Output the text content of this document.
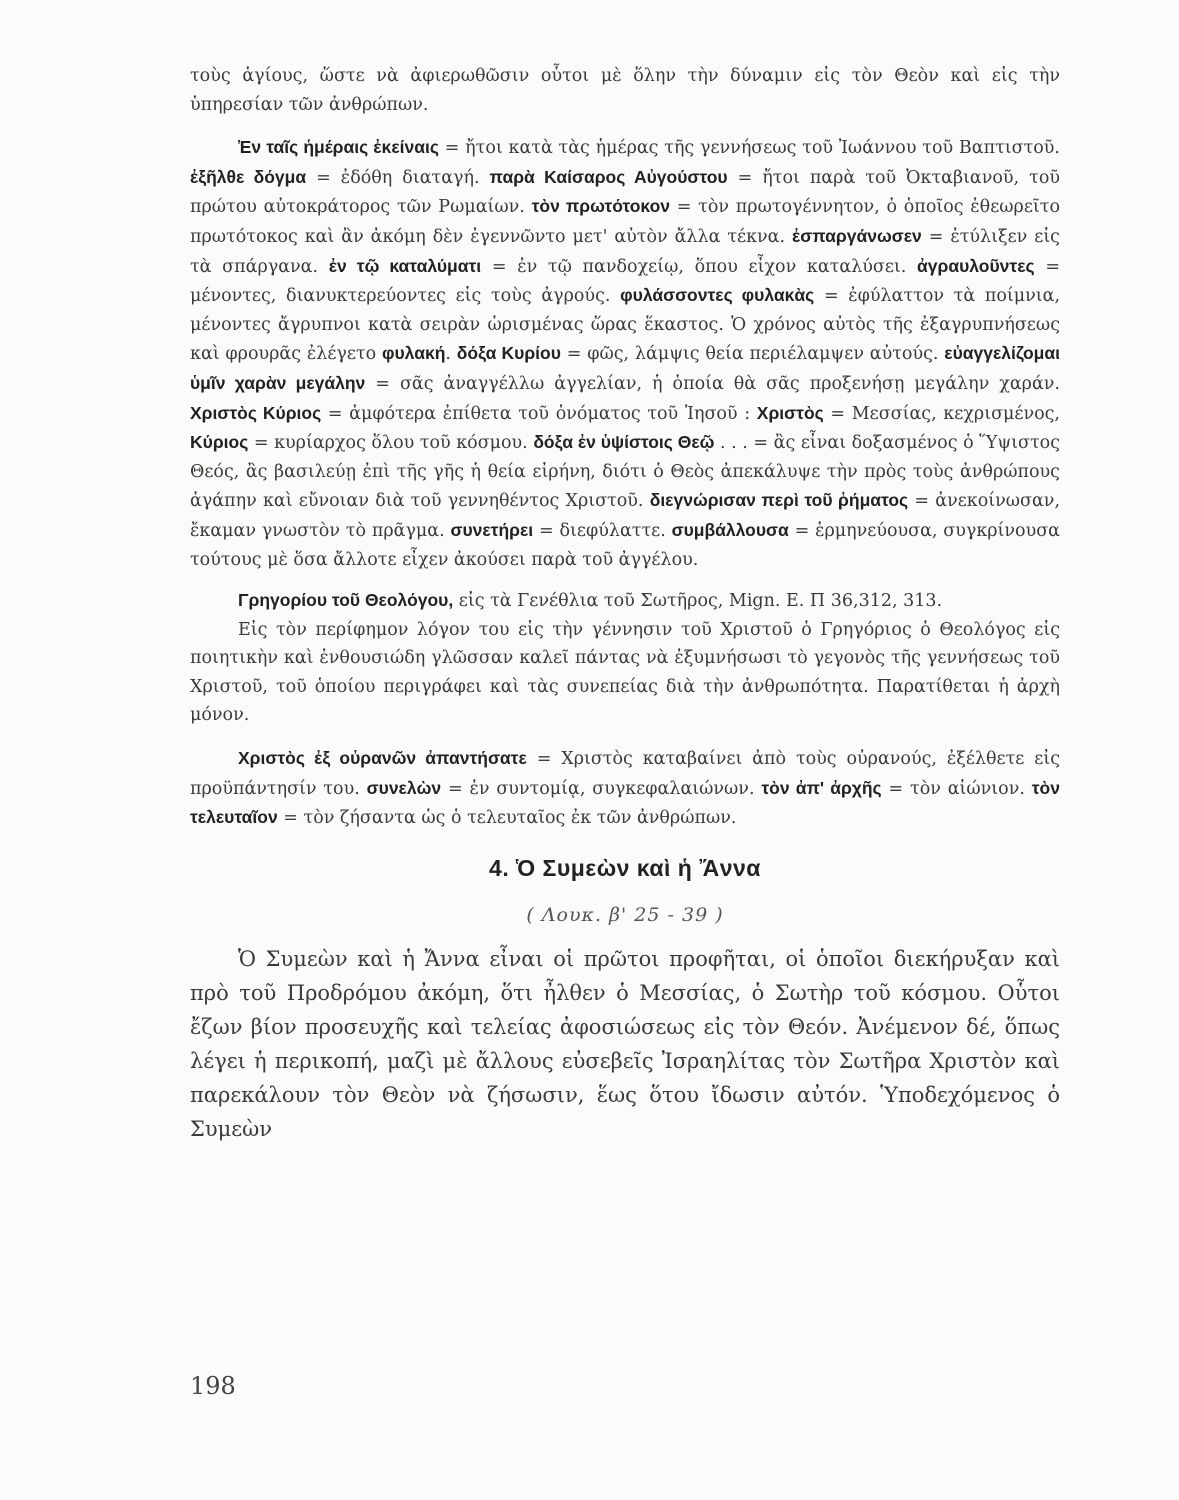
τοὺς ἁγίους, ὥστε νὰ ἀφιερωθῶσιν οὗτοι μὲ ὅλην τὴν δύναμιν εἰς τὸν Θεὸν καὶ εἰς τὴν ὑπηρεσίαν τῶν ἀνθρώπων.

Ἐν ταῖς ἡμέραις ἐκείναις = ἤτοι κατὰ τὰς ἡμέρας τῆς γεννήσεως τοῦ Ἰωάννου τοῦ Βαπτιστοῦ. ἐξῆλθε δόγμα = ἐδόθη διαταγή. παρὰ Καίσαρος Αὐγούστου = ἤτοι παρὰ τοῦ Ὀκταβιανοῦ, τοῦ πρώτου αὐτοκράτορος τῶν Ρωμαίων. τὸν πρωτότοκον = τὸν πρωτογέννητον, ὁ ὁποῖος ἐθεωρεῖτο πρωτότοκος καὶ ἂν ἀκόμη δὲν ἐγεννῶντο μετ' αὐτὸν ἄλλα τέκνα. ἐσπαργάνωσεν = ἐτύλιξεν εἰς τὰ σπάργανα. ἐν τῷ καταλύματι = ἐν τῷ πανδοχείῳ, ὅπου εἶχον καταλύσει. ἀγραυλοῦντες = μένοντες, διανυκτερεύοντες εἰς τοὺς ἀγρούς. φυλάσσοντες φυλακὰς = ἐφύλαττον τὰ ποίμνια, μένοντες ἄγρυπνοι κατὰ σειρὰν ὡρισμένας ὥρας ἕκαστος. Ὁ χρόνος αὐτὸς τῆς ἐξαγρυπνήσεως καὶ φρουρᾶς ἐλέγετο φυλακή. δόξα Κυρίου = φῶς, λάμψις θεία περιέλαμψεν αὐτούς. εὐαγγελίζομαι ὑμῖν χαρὰν μεγάλην = σᾶς ἀναγγέλλω ἀγγελίαν, ἡ ὁποία θὰ σᾶς προξενήσῃ μεγάλην χαράν. Χριστὸς Κύριος = ἀμφότερα ἐπίθετα τοῦ ὀνόματος τοῦ Ἰησοῦ : Χριστὸς = Μεσσίας, κεχρισμένος, Κύριος = κυρίαρχος ὅλου τοῦ κόσμου. δόξα ἐν ὑψίστοις Θεῷ . . . = ἂς εἶναι δοξασμένος ὁ Ὕψιστος Θεός, ἂς βασιλεύῃ ἐπὶ τῆς γῆς ἡ θεία εἰρήνη, διότι ὁ Θεὸς ἀπεκάλυψε τὴν πρὸς τοὺς ἀνθρώπους ἀγάπην καὶ εὔνοιαν διὰ τοῦ γεννηθέντος Χριστοῦ. διεγνώρισαν περὶ τοῦ ῥήματος = ἀνεκοίνωσαν, ἔκαμαν γνωστὸν τὸ πρᾶγμα. συνετήρει = διεφύλαττε. συμβάλλουσα = ἑρμηνεύουσα, συγκρίνουσα τούτους μὲ ὅσα ἄλλοτε εἶχεν ἀκούσει παρὰ τοῦ ἀγγέλου.

Γρηγορίου τοῦ Θεολόγου, εἰς τὰ Γενέθλια τοῦ Σωτῆρος, Mign. E. Π 36,312, 313.

Εἰς τὸν περίφημον λόγον του εἰς τὴν γέννησιν τοῦ Χριστοῦ ὁ Γρηγόριος ὁ Θεολόγος εἰς ποιητικὴν καὶ ἐνθουσιώδη γλῶσσαν καλεῖ πάντας νὰ ἐξυμνήσωσι τὸ γεγονὸς τῆς γεννήσεως τοῦ Χριστοῦ, τοῦ ὁποίου περιγράφει καὶ τὰς συνεπείας διὰ τὴν ἀνθρωπότητα. Παρατίθεται ἡ ἀρχὴ μόνον.

Χριστὸς ἐξ οὐρανῶν ἀπαντήσατε = Χριστὸς καταβαίνει ἀπὸ τοὺς οὐρανούς, ἐξέλθετε εἰς προϋπάντησίν του. συνελὼν = ἐν συντομίᾳ, συγκεφαλαιώνων. τὸν ἀπ' ἀρχῆς = τὸν αἰώνιον. τὸν τελευταῖον = τὸν ζήσαντα ὡς ὁ τελευταῖος ἐκ τῶν ἀνθρώπων.

4. Ὁ Συμεὼν καὶ ἡ Ἄννα
( Λουκ. β' 25 - 39 )

Ὁ Συμεὼν καὶ ἡ Ἄννα εἶναι οἱ πρῶτοι προφῆται, οἱ ὁποῖοι διεκήρυξαν καὶ πρὸ τοῦ Προδρόμου ἀκόμη, ὅτι ἦλθεν ὁ Μεσσίας, ὁ Σωτὴρ τοῦ κόσμου. Οὗτοι ἔζων βίον προσευχῆς καὶ τελείας ἀφοσιώσεως εἰς τὸν Θεόν. Ἀνέμενον δέ, ὅπως λέγει ἡ περικοπή, μαζὶ μὲ ἄλλους εὐσεβεῖς Ἰσραηλίτας τὸν Σωτῆρα Χριστὸν καὶ παρεκάλουν τὸν Θεὸν νὰ ζήσωσιν, ἕως ὅτου ἴδωσιν αὐτόν. Ὑποδεχόμενος ὁ Συμεὼν

198
